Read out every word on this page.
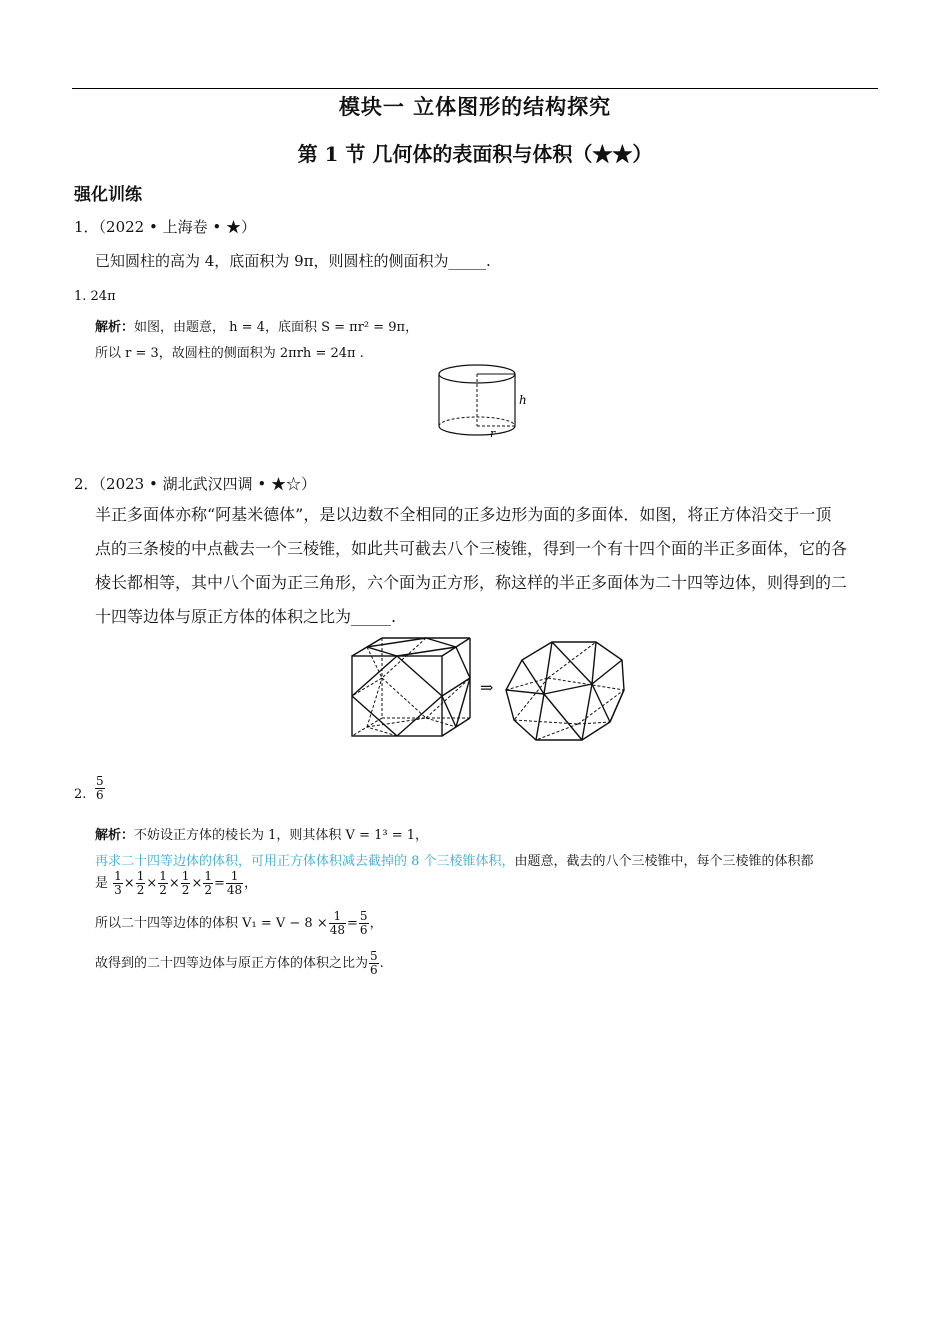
模块一 立体图形的结构探究
第 1 节 几何体的表面积与体积（★★）
强化训练
1．（2022 • 上海卷 • ★）
已知圆柱的高为 4，底面积为 9π，则圆柱的侧面积为_____.
1. 24π
解析：如图，由题意， h = 4，底面积 S = πr² = 9π，
所以 r = 3，故圆柱的侧面积为 2πrh = 24π .
h
r
2．（2023 • 湖北武汉四调 • ★☆）
半正多面体亦称“阿基米德体”，是以边数不全相同的正多边形为面的多面体．如图，将正方体沿交于一顶
点的三条棱的中点截去一个三棱锥，如此共可截去八个三棱锥，得到一个有十四个面的半正多面体，它的各
棱长都相等，其中八个面为正三角形，六个面为正方形，称这样的半正多面体为二十四等边体，则得到的二
十四等边体与原正方体的体积之比为_____.
⇒
2. $\frac{5}{6}$
解析：不妨设正方体的棱长为 1，则其体积 V = 1³ = 1，
再求二十四等边体的体积，可用正方体体积减去截掉的 8 个三棱锥体积，由题意，截去的八个三棱锥中，每个三棱锥的体积都
是 $\frac{1}{3} \times \frac{1}{2} \times \frac{1}{2} \times \frac{1}{2} \times \frac{1}{2} = \frac{1}{48}$ ，
所以二十四等边体的体积 $V_1 = V - 8 \times \frac{1}{48} = \frac{5}{6}$ ，
故得到的二十四等边体与原正方体的体积之比为 $\frac{5}{6}$ .
